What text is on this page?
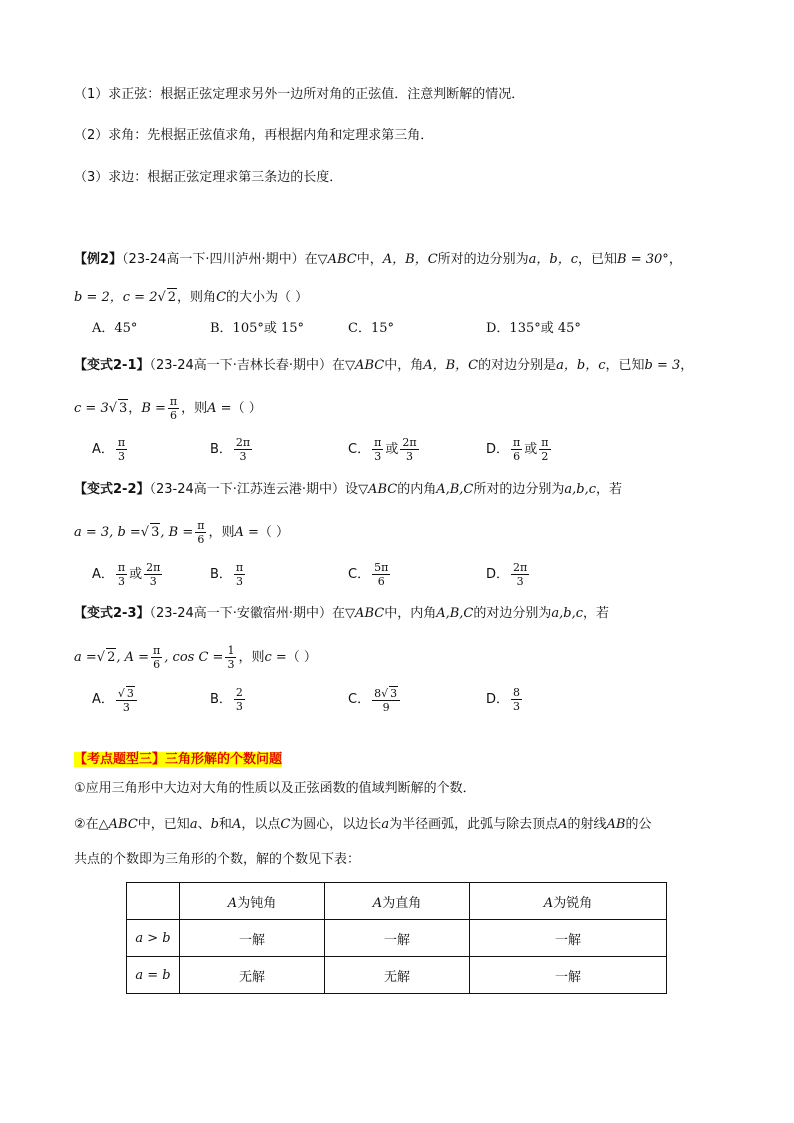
（1）求正弦：根据正弦定理求另外一边所对角的正弦值．注意判断解的情况．
（2）求角：先根据正弦值求角，再根据内角和定理求第三角．
（3）求边：根据正弦定理求第三条边的长度．
【例2】（23-24高一下·四川泸州·期中）在▽ABC中，A，B，C所对的边分别为a，b，c，已知B = 30°，
b = 2，c = 2√ 2，则角C的大小为（ ）
A．45°	B．105°或 15°	C．15°	D．135°或 45°
【变式2-1】（23-24高一下·吉林长春·期中）在▽ABC中，角A，B，C的对边分别是a，b，c，已知b = 3，
c = 3 √ 3 ， $B = \frac{\pi}{6}$ ，则 A = （ ）
A． $\frac{\pi}{3}$	B． $\frac{2\pi}{3}$	C． $\frac{\pi}{3}$ 或 $\frac{2\pi}{3}$	D． $\frac{\pi}{6}$ 或 $\frac{\pi}{2}$
【变式2-2】（23-24高一下·江苏连云港·期中）设▽ABC的内角A,B,C所对的边分别为a,b,c，若
a = 3, b = √ 3 , $B = \frac{\pi}{6}$ ，则 A = （ ）
A． $\frac{\pi}{3}$ 或 $\frac{2\pi}{3}$	B． $\frac{\pi}{3}$	C． $\frac{5\pi}{6}$	D． $\frac{2\pi}{3}$
【变式2-3】（23-24高一下·安徽宿州·期中）在▽ABC中，内角A,B,C的对边分别为a,b,c，若
a = √ 2 , $A = \frac{\pi}{6}$ , $\cos C = \frac{1}{3}$ ，则 c = （ ）
A． $\frac{√ 3}{3}$	B． $\frac{2}{3}$	C． $\frac{8√ 3}{9}$	D． $\frac{8}{3}$
【考点题型三】三角形解的个数问题
①应用三角形中大边对大角的性质以及正弦函数的值域判断解的个数．
②在△ABC中，已知a、b和A，以点C为圆心，以边长a为半径画弧，此弧与除去顶点A的射线AB的公
共点的个数即为三角形的个数，解的个数见下表：
	A为钝角	A为直角	A为锐角
a > b	一解	一解	一解
a = b	无解	无解	一解
